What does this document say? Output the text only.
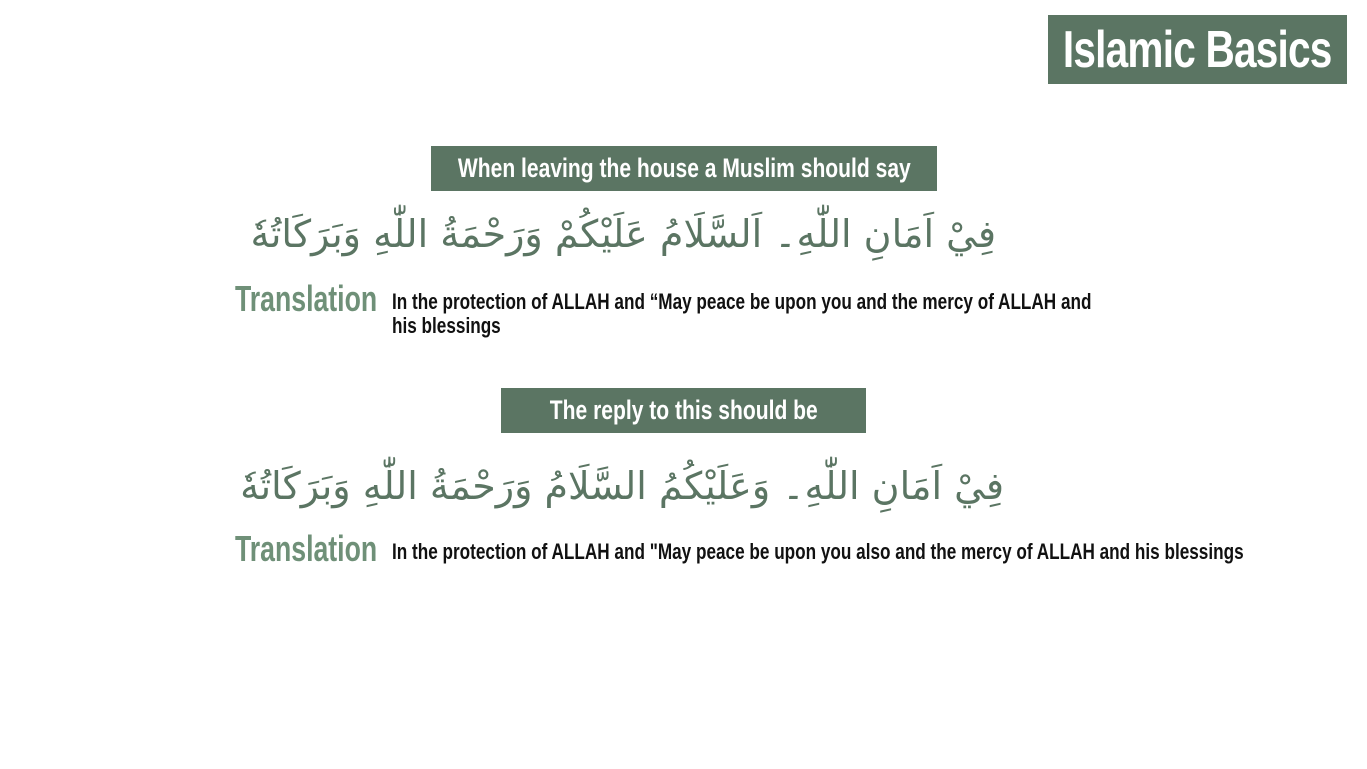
Islamic Basics
When leaving the house a Muslim should say
فِيْ اَمَانِ اللّٰهِ۔ اَلسَّلَامُ عَلَيْكُمْ وَرَحْمَةُ اللّٰهِ وَبَرَكَاتُهٗ
Translation In the protection of ALLAH and “May peace be upon you and the mercy of ALLAH and
his blessings
The reply to this should be
فِيْ اَمَانِ اللّٰهِ۔ وَعَلَيْكُمُ السَّلَامُ وَرَحْمَةُ اللّٰهِ وَبَرَكَاتُهٗ
Translation In the protection of ALLAH and "May peace be upon you also and the mercy of ALLAH and his blessings
